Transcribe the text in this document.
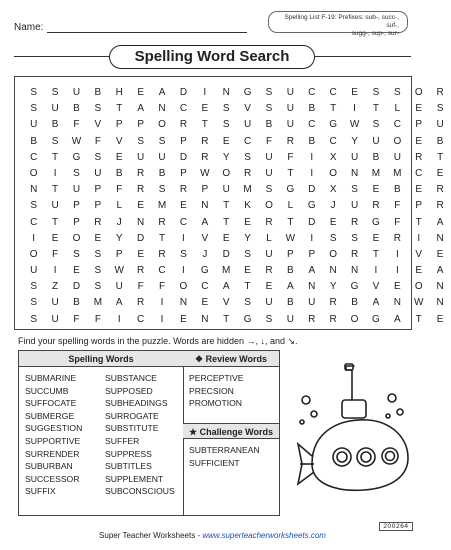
Name:
Spelling List F-19: Prefixes: sub-, succ-, suf-,
sugg-, sup-, sur-
Spelling Word Search
S	S	U	B	H	E	A	D	I	N	G	S	U	C	C	E	S	S	O	R
S	U	B	S	T	A	N	C	E	S	V	S	U	B	T	I	T	L	E	S
U	B	F	V	P	P	O	R	T	S	U	B	U	C	G	W	S	C	P	U
B	S	W	F	V	S	S	P	R	E	C	F	R	B	C	Y	U	O	E	B
C	T	G	S	E	U	U	D	R	Y	S	U	F	I	X	U	B	U	R	T
O	I	S	U	B	R	B	P	W	O	R	U	T	I	O	N	M	M	C	E
N	T	U	P	F	R	S	R	P	U	M	S	G	D	X	S	E	B	E	R
S	U	P	P	L	E	M	E	N	T	K	O	L	G	J	U	R	F	P	R
C	T	P	R	J	N	R	C	A	T	E	R	T	D	E	R	G	F	T	A
I	E	O	E	Y	D	T	I	V	E	Y	L	W	I	S	S	E	R	I	N
O	F	S	S	P	E	R	S	J	D	S	U	P	P	O	R	T	I	V	E
U	I	E	S	W	R	C	I	G	M	E	R	B	A	N	N	I	I	E	A
S	Z	D	S	U	F	F	O	C	A	T	E	A	N	Y	G	V	E	O	N
S	U	B	M	A	R	I	N	E	V	S	U	B	U	R	B	A	N	W	N
S	U	F	F	I	C	I	E	N	T	G	S	U	R	R	O	G	A	T	E
Find your spelling words in the puzzle. Words are hidden →, ↓, and ↘.
Spelling Words	❖ Review Words
★ Challenge Words
SUBMARINE
SUCCUMB
SUFFOCATE
SUBMERGE
SUGGESTION
SUPPORTIVE
SURRENDER
SUBURBAN
SUCCESSOR
SUFFIX
SUBSTANCE
SUPPOSED
SUBHEADINGS
SURROGATE
SUBSTITUTE
SUFFER
SUPPRESS
SUBTITLES
SUPPLEMENT
SUBCONSCIOUS
PERCEPTIVE
PRECSION
PROMOTION
SUBTERRANEAN
SUFFICIENT
Super Teacher Worksheets - www.superteacherworksheets.com
200264
